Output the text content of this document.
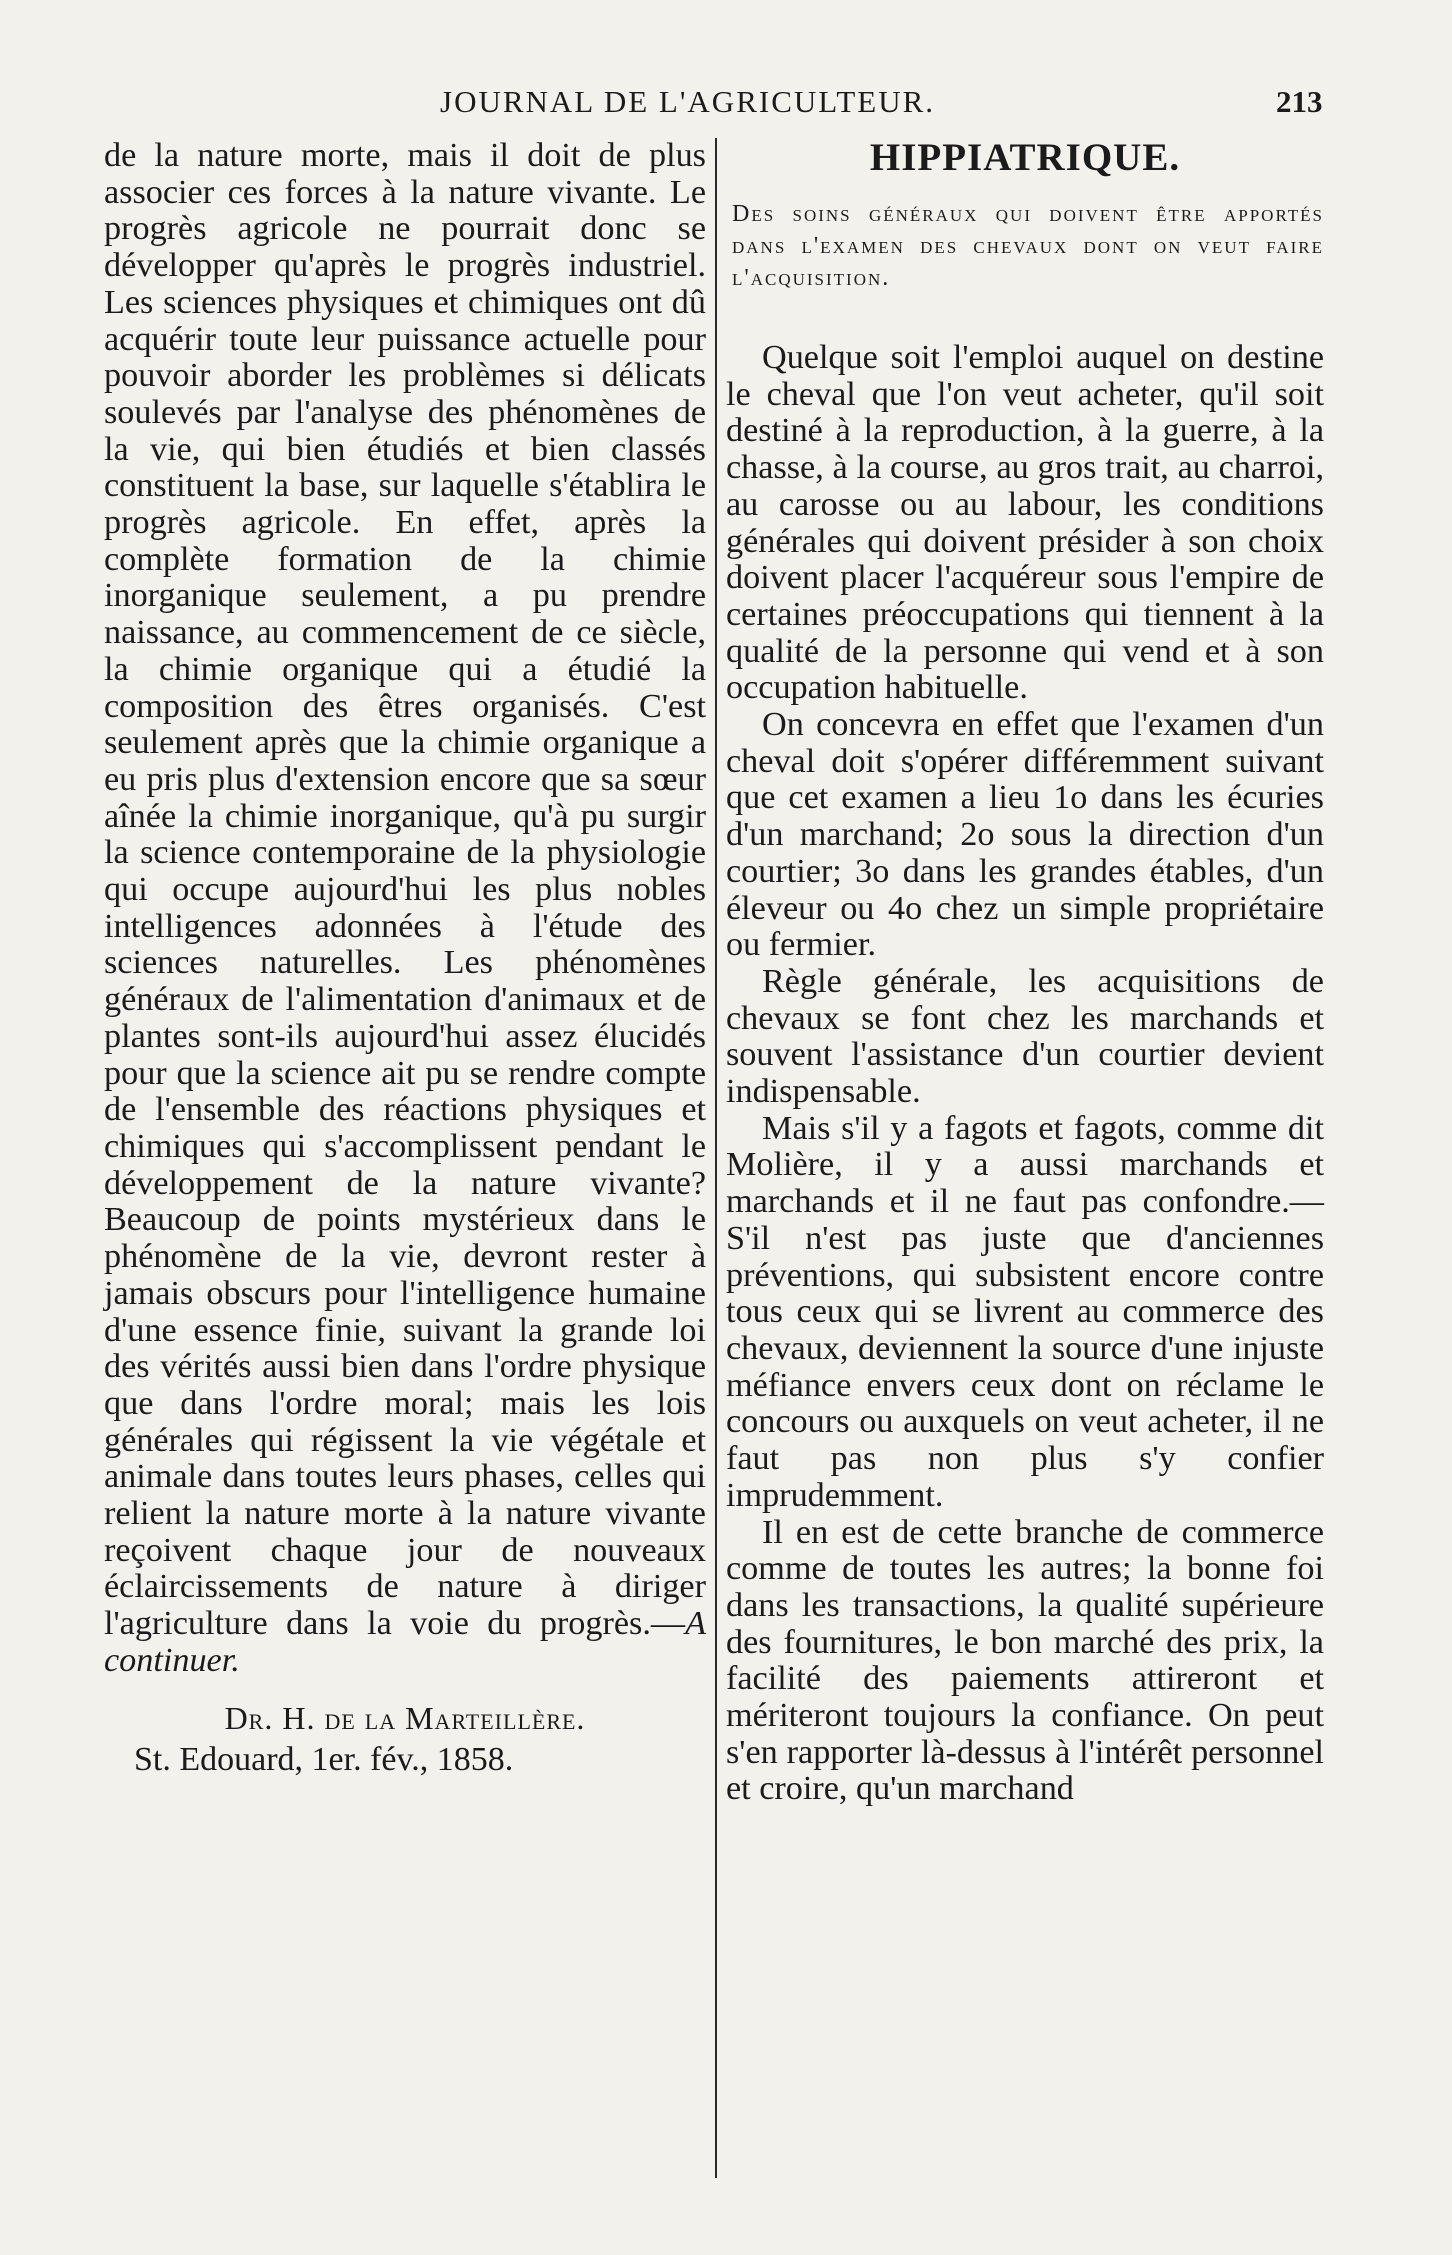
JOURNAL DE L'AGRICULTEUR.	213

de la nature morte, mais il doit de plus associer ces forces à la nature vivante. Le progrès agricole ne pourrait donc se développer qu'après le progrès industriel. Les sciences physiques et chimiques ont dû acquérir toute leur puissance actuelle pour pouvoir aborder les problèmes si délicats soulevés par l'analyse des phénomènes de la vie, qui bien étudiés et bien classés constituent la base, sur laquelle s'établira le progrès agricole. En effet, après la complète formation de la chimie inorganique seulement, a pu prendre naissance, au commencement de ce siècle, la chimie organique qui a étudié la composition des êtres organisés. C'est seulement après que la chimie organique a eu pris plus d'extension encore que sa sœur aînée la chimie inorganique, qu'à pu surgir la science contemporaine de la physiologie qui occupe aujourd'hui les plus nobles intelligences adonnées à l'étude des sciences naturelles. Les phénomènes généraux de l'alimentation d'animaux et de plantes sont-ils aujourd'hui assez élucidés pour que la science ait pu se rendre compte de l'ensemble des réactions physiques et chimiques qui s'accomplissent pendant le développement de la nature vivante? Beaucoup de points mystérieux dans le phénomène de la vie, devront rester à jamais obscurs pour l'intelligence humaine d'une essence finie, suivant la grande loi des vérités aussi bien dans l'ordre physique que dans l'ordre moral; mais les lois générales qui régissent la vie végétale et animale dans toutes leurs phases, celles qui relient la nature morte à la nature vivante reçoivent chaque jour de nouveaux éclaircissements de nature à diriger l'agriculture dans la voie du progrès.—A continuer.

Dr. H. de la Marteillère.
St. Edouard, 1er. fév., 1858.
HIPPIATRIQUE.
Des soins généraux qui doivent être apportés dans l'examen des chevaux dont on veut faire l'acquisition.

Quelque soit l'emploi auquel on destine le cheval que l'on veut acheter, qu'il soit destiné à la reproduction, à la guerre, à la chasse, à la course, au gros trait, au charroi, au carosse ou au labour, les conditions générales qui doivent présider à son choix doivent placer l'acquéreur sous l'empire de certaines préoccupations qui tiennent à la qualité de la personne qui vend et à son occupation habituelle.

On concevra en effet que l'examen d'un cheval doit s'opérer différemment suivant que cet examen a lieu 1o dans les écuries d'un marchand; 2o sous la direction d'un courtier; 3o dans les grandes étables, d'un éleveur ou 4o chez un simple propriétaire ou fermier.

Règle générale, les acquisitions de chevaux se font chez les marchands et souvent l'assistance d'un courtier devient indispensable.

Mais s'il y a fagots et fagots, comme dit Molière, il y a aussi marchands et marchands et il ne faut pas confondre.—S'il n'est pas juste que d'anciennes préventions, qui subsistent encore contre tous ceux qui se livrent au commerce des chevaux, deviennent la source d'une injuste méfiance envers ceux dont on réclame le concours ou auxquels on veut acheter, il ne faut pas non plus s'y confier imprudemment.

Il en est de cette branche de commerce comme de toutes les autres; la bonne foi dans les transactions, la qualité supérieure des fournitures, le bon marché des prix, la facilité des paiements attireront et mériteront toujours la confiance. On peut s'en rapporter là-dessus à l'intérêt personnel et croire, qu'un marchand
